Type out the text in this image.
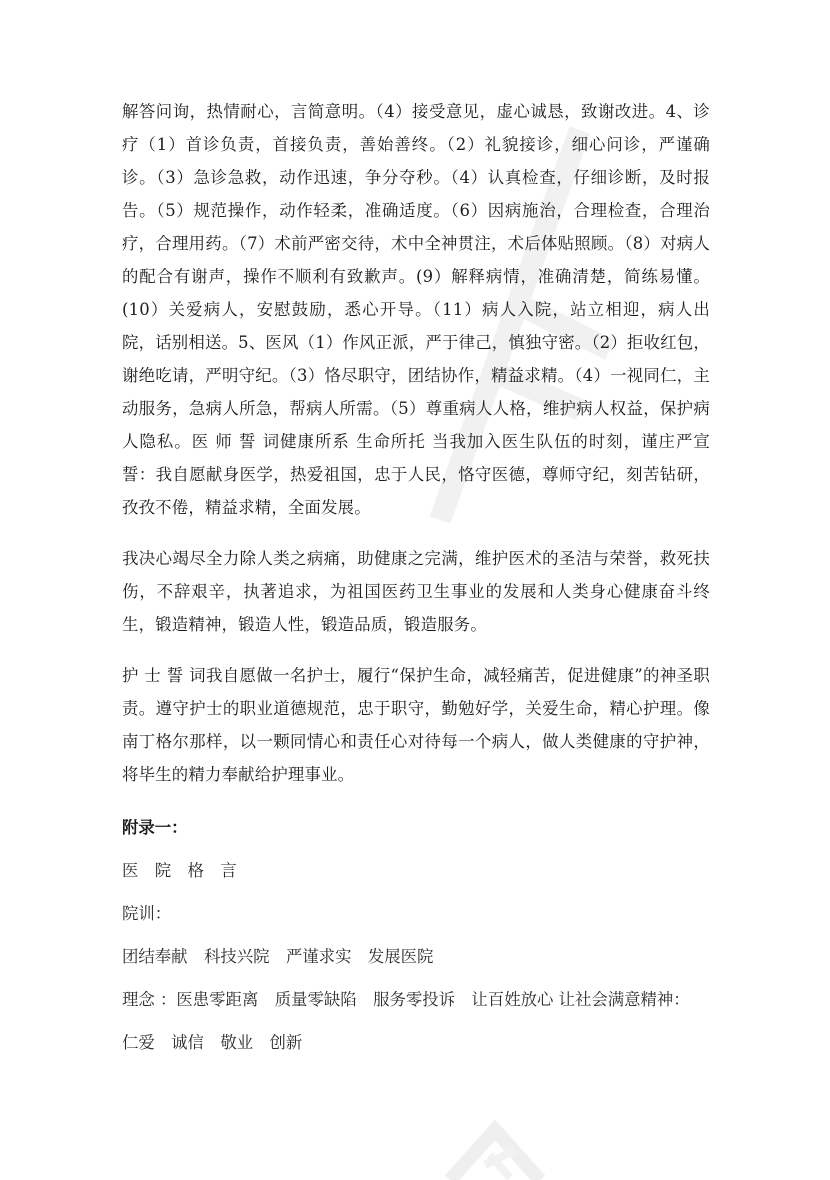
解答问询，热情耐心，言简意明。（4）接受意见，虚心诚恳，致谢改进。4、诊疗（1）首诊负责，首接负责，善始善终。（2）礼貌接诊，细心问诊，严谨确诊。（3）急诊急救，动作迅速，争分夺秒。（4）认真检查，仔细诊断，及时报告。（5）规范操作，动作轻柔，准确适度。（6）因病施治，合理检查，合理治疗，合理用药。（7）术前严密交待，术中全神贯注，术后体贴照顾。（8）对病人的配合有谢声，操作不顺利有致歉声。(9）解释病情，准确清楚，简练易懂。(10）关爱病人，安慰鼓励，悉心开导。（11）病人入院，站立相迎，病人出院，话别相送。5、医风（1）作风正派，严于律己，慎独守密。（2）拒收红包，谢绝吃请，严明守纪。（3）恪尽职守，团结协作，精益求精。（4）一视同仁，主动服务，急病人所急，帮病人所需。（5）尊重病人人格，维护病人权益，保护病人隐私。医 师 誓 词健康所系 生命所托 当我加入医生队伍的时刻，谨庄严宣誓：我自愿献身医学，热爱祖国，忠于人民，恪守医德，尊师守纪，刻苦钻研，孜孜不倦，精益求精，全面发展。

我决心竭尽全力除人类之病痛，助健康之完满，维护医术的圣洁与荣誉，救死扶伤，不辞艰辛，执著追求，为祖国医药卫生事业的发展和人类身心健康奋斗终生，锻造精神，锻造人性，锻造品质，锻造服务。

护 士 誓 词我自愿做一名护士，履行“保护生命，减轻痛苦，促进健康”的神圣职责。遵守护士的职业道德规范，忠于职守，勤勉好学，关爱生命，精心护理。像南丁格尔那样，以一颗同情心和责任心对待每一个病人，做人类健康的守护神，将毕生的精力奉献给护理事业。

附录一：

医　院　格　言

院训：

团结奉献　科技兴院　严谨求实　发展医院

理念 ：医患零距离　质量零缺陷　服务零投诉　让百姓放心 让社会满意精神：

仁爱　诚信　敬业　创新
